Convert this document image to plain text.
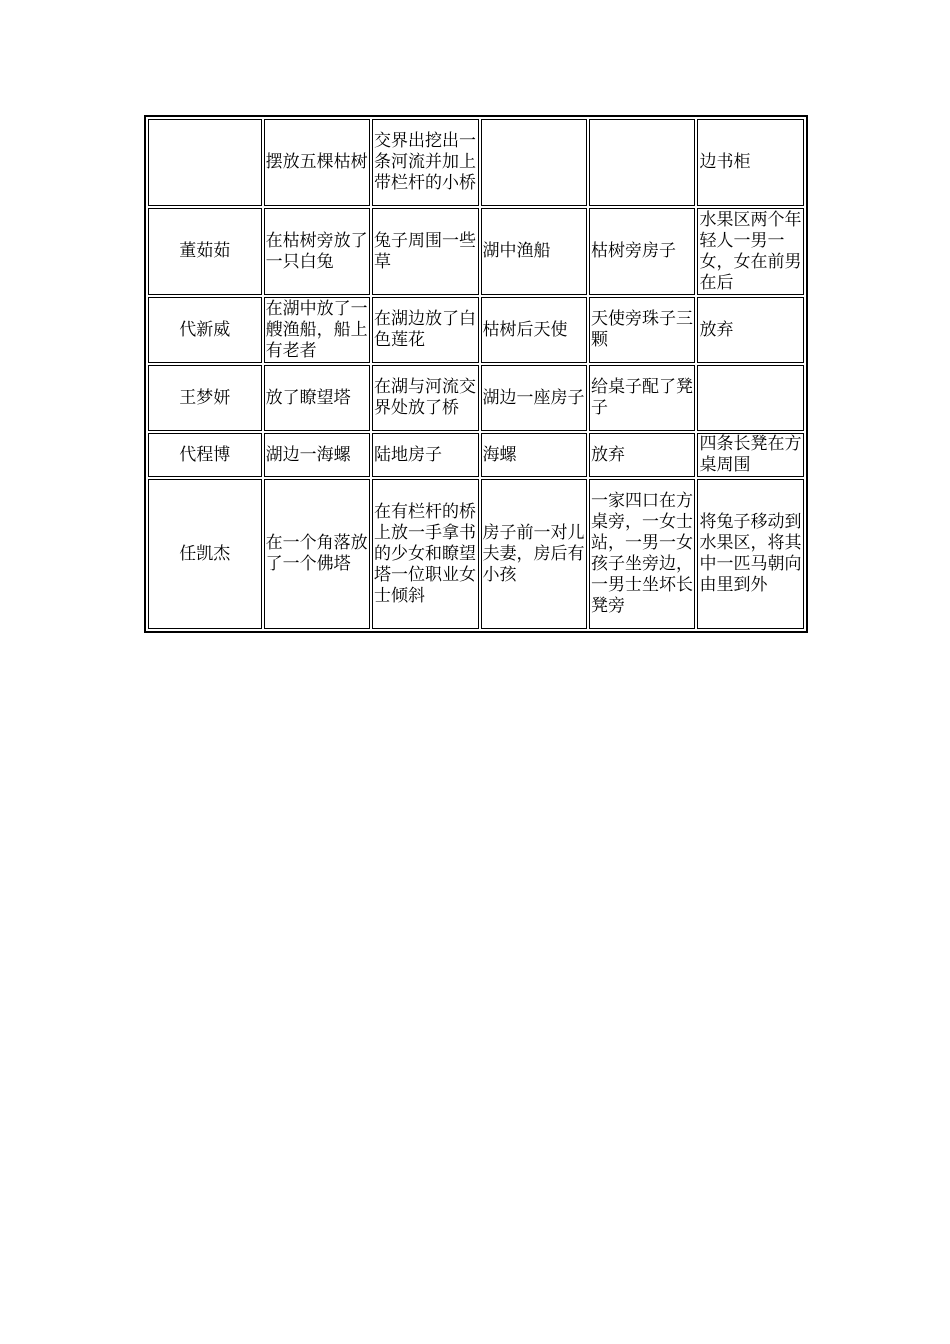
	摆放五棵枯树	交界出挖出一条河流并加上带栏杆的小桥			边书柜
董茹茹	在枯树旁放了一只白兔	兔子周围一些草	湖中渔船	枯树旁房子	水果区两个年轻人一男一女，女在前男在后
代新威	在湖中放了一艘渔船，船上有老者	在湖边放了白色莲花	枯树后天使	天使旁珠子三颗	放弃
王梦妍	放了瞭望塔	在湖与河流交界处放了桥	湖边一座房子	给桌子配了凳子	
代程博	湖边一海螺	陆地房子	海螺	放弃	四条长凳在方桌周围
任凯杰	在一个角落放了一个佛塔	在有栏杆的桥上放一手拿书的少女和瞭望塔一位职业女士倾斜	房子前一对儿夫妻，房后有小孩	一家四口在方桌旁，一女士站，一男一女孩子坐旁边，一男士坐坏长凳旁	将兔子移动到水果区，将其中一匹马朝向由里到外
